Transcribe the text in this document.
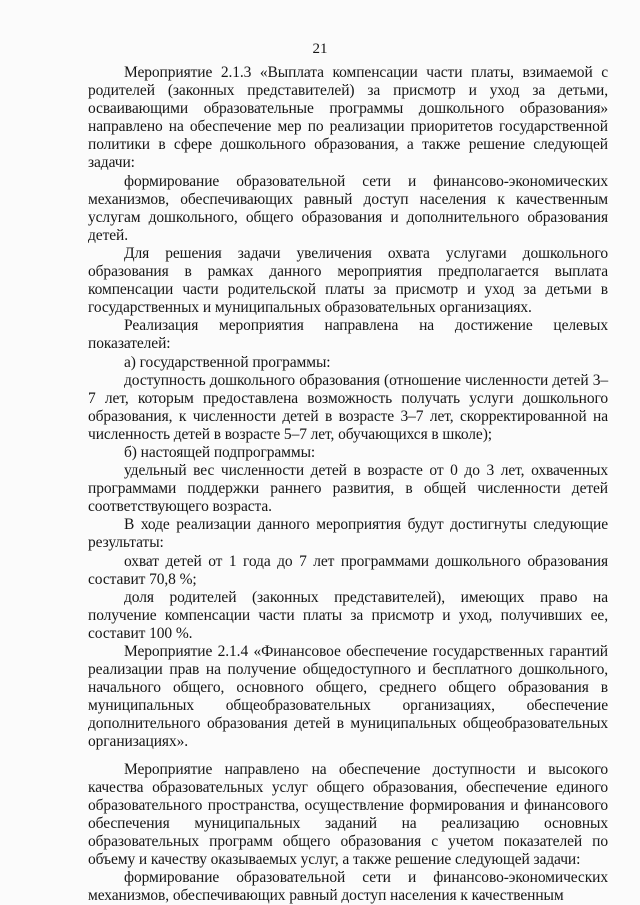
21

Мероприятие 2.1.3 «Выплата компенсации части платы, взимаемой с родителей (законных представителей) за присмотр и уход за детьми, осваивающими образовательные программы дошкольного образования» направлено на обеспечение мер по реализации приоритетов государственной политики в сфере дошкольного образования, а также решение следующей задачи:

формирование образовательной сети и финансово-экономических механизмов, обеспечивающих равный доступ населения к качественным услугам дошкольного, общего образования и дополнительного образования детей.

Для решения задачи увеличения охвата услугами дошкольного образования в рамках данного мероприятия предполагается выплата компенсации части родительской платы за присмотр и уход за детьми в государственных и муниципальных образовательных организациях.

Реализация мероприятия направлена на достижение целевых показателей:

а) государственной программы:

доступность дошкольного образования (отношение численности детей 3–7 лет, которым предоставлена возможность получать услуги дошкольного образования, к численности детей в возрасте 3–7 лет, скорректированной на численность детей в возрасте 5–7 лет, обучающихся в школе);

б) настоящей подпрограммы:

удельный вес численности детей в возрасте от 0 до 3 лет, охваченных программами поддержки раннего развития, в общей численности детей соответствующего возраста.

В ходе реализации данного мероприятия будут достигнуты следующие результаты:

охват детей от 1 года до 7 лет программами дошкольного образования составит 70,8 %;

доля родителей (законных представителей), имеющих право на получение компенсации части платы за присмотр и уход, получивших ее, составит 100 %.

Мероприятие 2.1.4 «Финансовое обеспечение государственных гарантий реализации прав на получение общедоступного и бесплатного дошкольного, начального общего, основного общего, среднего общего образования в муниципальных общеобразовательных организациях, обеспечение дополнительного образования детей в муниципальных общеобразовательных организациях».

Мероприятие направлено на обеспечение доступности и высокого качества образовательных услуг общего образования, обеспечение единого образовательного пространства, осуществление формирования и финансового обеспечения муниципальных заданий на реализацию основных образовательных программ общего образования с учетом показателей по объему и качеству оказываемых услуг, а также решение следующей задачи:

формирование образовательной сети и финансово-экономических механизмов, обеспечивающих равный доступ населения к качественным
